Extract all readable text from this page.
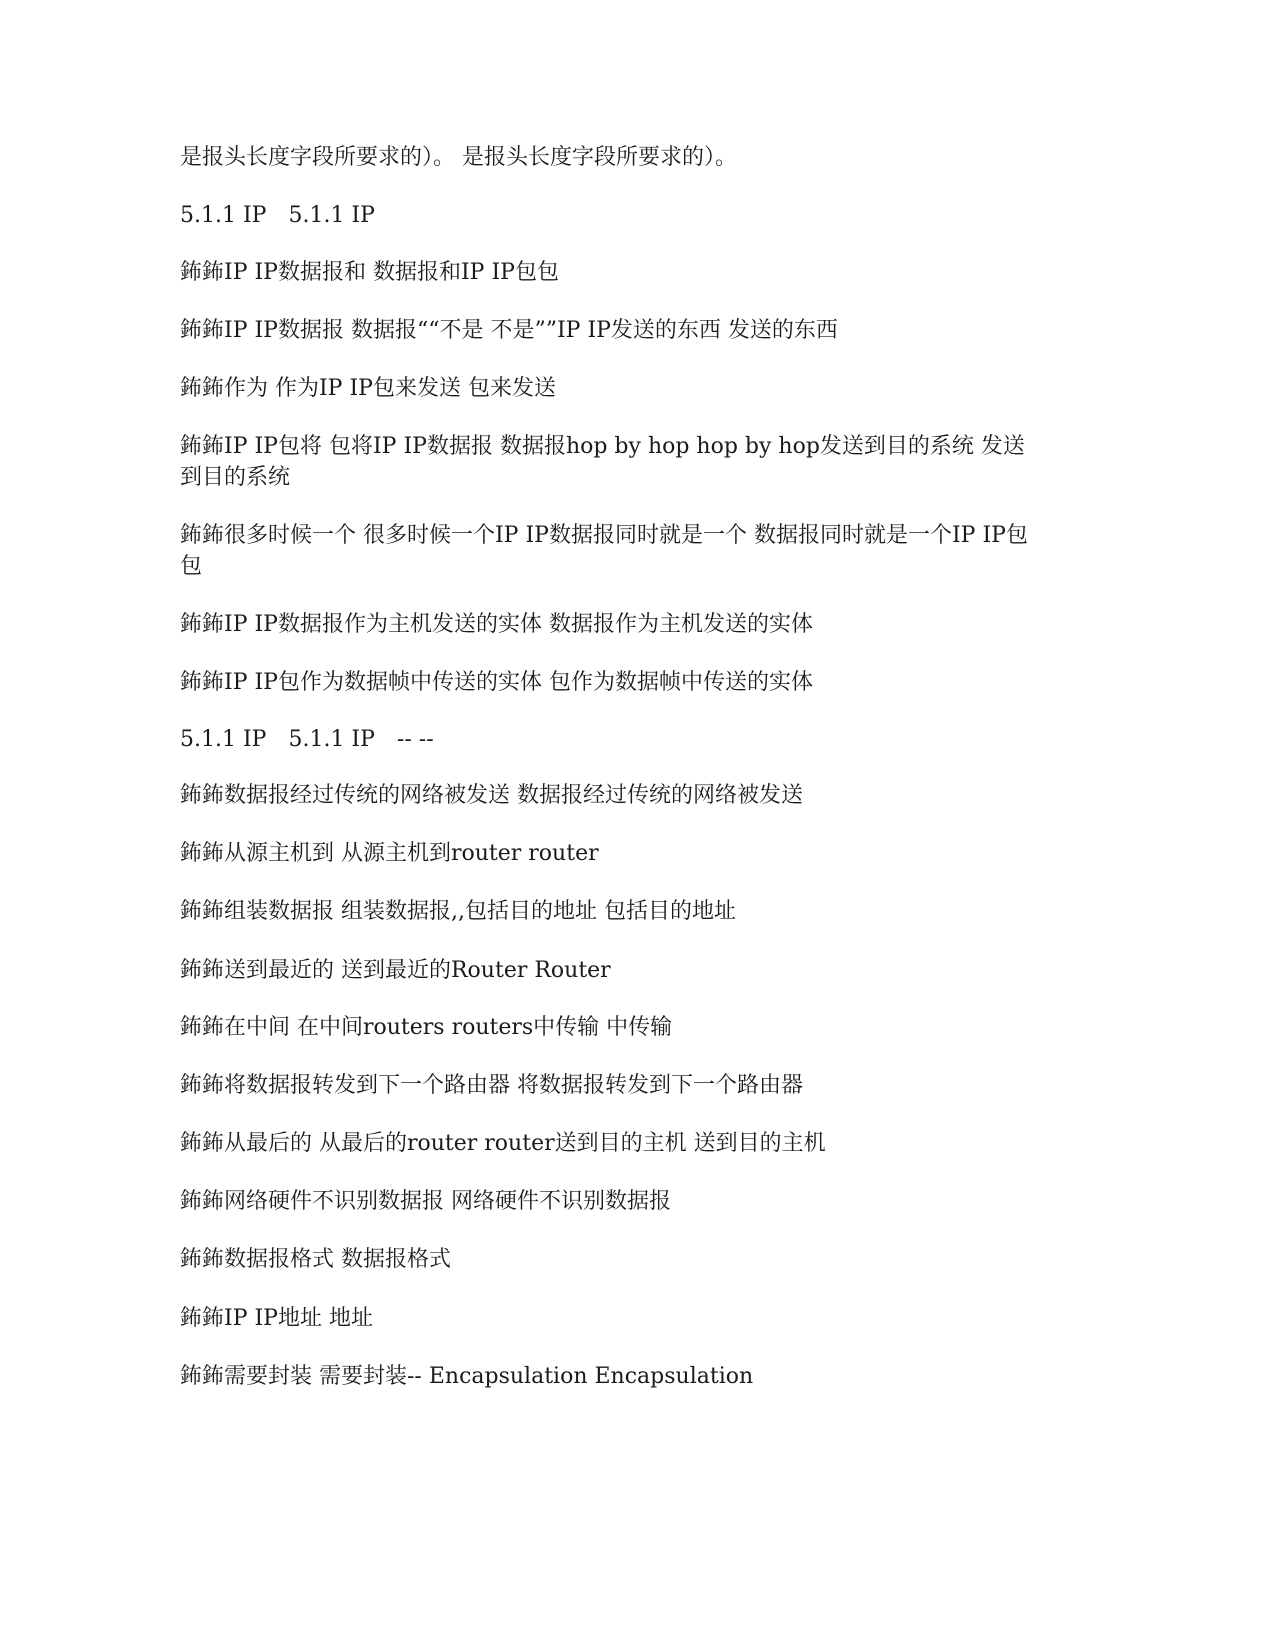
是报头长度字段所要求的）。 是报头长度字段所要求的）。
5.1.1 IP　5.1.1 IP
鈽鈽IP IP数据报和 数据报和IP IP包包
鈽鈽IP IP数据报 数据报““不是 不是””IP IP发送的东西 发送的东西
鈽鈽作为 作为IP IP包来发送 包来发送
鈽鈽IP IP包将 包将IP IP数据报 数据报hop by hop hop by hop发送到目的系统 发送到目的系统
鈽鈽很多时候一个 很多时候一个IP IP数据报同时就是一个 数据报同时就是一个IP IP包包
鈽鈽IP IP数据报作为主机发送的实体 数据报作为主机发送的实体
鈽鈽IP IP包作为数据帧中传送的实体 包作为数据帧中传送的实体
5.1.1 IP　5.1.1 IP　-- --
鈽鈽数据报经过传统的网络被发送 数据报经过传统的网络被发送
鈽鈽从源主机到 从源主机到router router
鈽鈽组装数据报 组装数据报,,包括目的地址 包括目的地址
鈽鈽送到最近的 送到最近的Router Router
鈽鈽在中间 在中间routers routers中传输 中传输
鈽鈽将数据报转发到下一个路由器 将数据报转发到下一个路由器
鈽鈽从最后的 从最后的router router送到目的主机 送到目的主机
鈽鈽网络硬件不识别数据报 网络硬件不识别数据报
鈽鈽数据报格式 数据报格式
鈽鈽IP IP地址 地址
鈽鈽需要封装 需要封装-- Encapsulation Encapsulation
